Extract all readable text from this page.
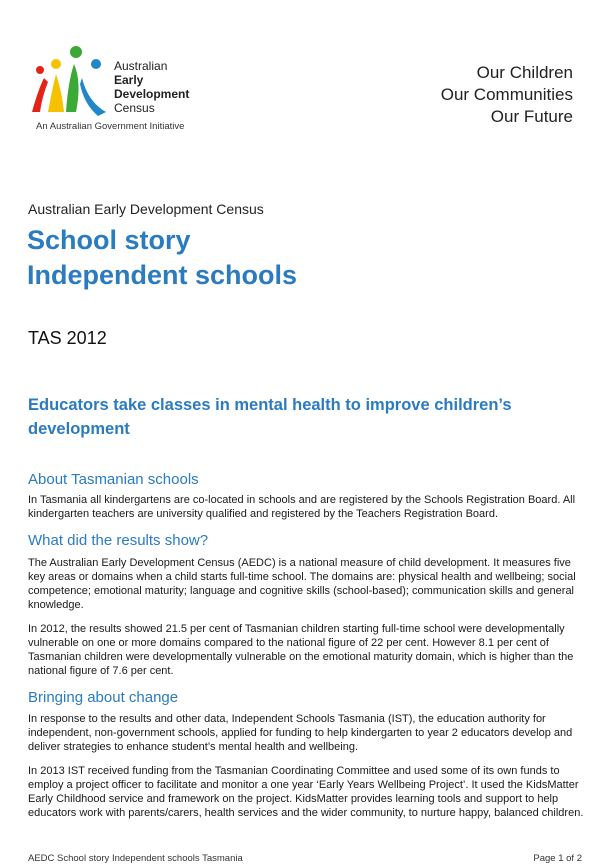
Australian
Early
Development
Census
An Australian Government Initiative
Our Children
Our Communities
Our Future
Australian Early Development Census
School story
Independent schools
TAS 2012
Educators take classes in mental health to improve children’s development
About Tasmanian schools
In Tasmania all kindergartens are co-located in schools and are registered by the Schools Registration Board. All kindergarten teachers are university qualified and registered by the Teachers Registration Board.
What did the results show?
The Australian Early Development Census (AEDC) is a national measure of child development. It measures five key areas or domains when a child starts full-time school. The domains are: physical health and wellbeing; social competence; emotional maturity; language and cognitive skills (school-based); communication skills and general knowledge.
In 2012, the results showed 21.5 per cent of Tasmanian children starting full-time school were developmentally vulnerable on one or more domains compared to the national figure of 22 per cent. However 8.1 per cent of Tasmanian children were developmentally vulnerable on the emotional maturity domain, which is higher than the national figure of 7.6 per cent.
Bringing about change
In response to the results and other data, Independent Schools Tasmania (IST), the education authority for independent, non-government schools, applied for funding to help kindergarten to year 2 educators develop and deliver strategies to enhance student’s mental health and wellbeing.
In 2013 IST received funding from the Tasmanian Coordinating Committee and used some of its own funds to employ a project officer to facilitate and monitor a one year ‘Early Years Wellbeing Project’. It used the KidsMatter Early Childhood service and framework on the project. KidsMatter provides learning tools and support to help educators work with parents/carers, health services and the wider community, to nurture happy, balanced children.
AEDC School story Independent schools Tasmania	Page 1 of 2
